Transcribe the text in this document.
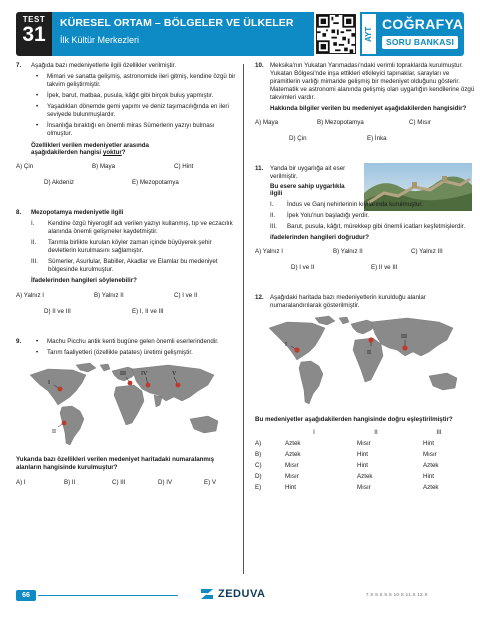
TEST
31
KÜRESEL ORTAM – BÖLGELER VE ÜLKELER
İlk Kültür Merkezleri	AYT
COĞRAFYA
SORU BANKASI
7. Aşağıda bazı medeniyetlerle ilgili özellikler verilmiştir.
• Mimari ve sanatta gelişmiş, astronomide ileri gitmiş, kendine özgü bir takvim geliştirmiştir.
• İpek, barut, matbaa, pusula, kâğıt gibi birçok buluş yapmıştır.
• Yaşadıkları dönemde gemi yapımı ve deniz taşımacılığında en ileri seviyede bulunmuşlardır.
• İnsanlığa bıraktığı en önemli miras Sümerlerin yazıyı bulması olmuştur.
Özellikleri verilen medeniyetler arasında
aşağıdakilerden hangisi yoktur?
A) Çin	B) Maya	C) Hint
D) Akdeniz	E) Mezopotamya
8. Mezopotamya medeniyetle ilgili
I. Kendine özgü hiyeroglif adı verilen yazıyı kullanmış, tıp ve eczacılık alanında önemli gelişmeler kaydetmiştir.
II. Tarımla birlikte kurulan köyler zaman içinde büyüyerek şehir devletlerin kurulmasını sağlamıştır.
III. Sümerler, Asurlular, Babiller, Akadlar ve Elamlar bu medeniyet bölgesinde kurulmuştur.
İfadelerinden hangileri söylenebilir?
A) Yalnız I	B) Yalnız II	C) I ve II
D) II ve III	E) I, II ve III
9.	• Machu Picchu antik kenti bugüne gelen önemli eserlerindendir.
• Tarım faaliyetleri (özellikle patates) üretimi gelişmiştir.
I
II
III	IV	V
Yukarıda bazı özellikleri verilen medeniyet haritadaki numaralanmış alanların hangisinde kurulmuştur?
A) I	B) II	C) III	D) IV	E) V
10. Meksika'nın Yukatan Yarımadası'ndaki verimli topraklarda kurulmuştur. Yukatan Bölgesi'nde inşa ettikleri etkileyici tapınaklar, sarayları ve piramitlerin varlığı mimaride gelişmiş bir medeniyet olduğunu gösterir. Matematik ve astronomi alanında gelişmiş olan uygarlığın kendilerine özgü takvimleri vardır.
Hakkında bilgiler verilen bu medeniyet aşağıdakilerden hangisidir?
A) Maya	B) Mezopotamya	C) Mısır
D) Çin	E) İnka
11. Yanda bir uygarlığa ait eser verilmiştir.
Bu esere sahip uygarlıkla ilgili
I. İndus ve Ganj nehirlerinin kıyılarında kurulmuştur.
II. İpek Yolu'nun başladığı yerdir.
III. Barut, pusula, kâğıt, mürekkep gibi önemli icatları keşfetmişlerdir.
ifadelerinden hangileri doğrudur?
A) Yalnız I	B) Yalnız II	C) Yalnız III
D) I ve II	E) II ve III
12. Aşağıdaki haritada bazı medeniyetlerin kurulduğu alanlar numaralandırılarak gösterilmiştir.
I
II
III
Bu medeniyetler aşağıdakilerden hangisinde doğru eşleştirilmiştir?
	I	II	III
A)	Aztek	Mısır	Hint
B)	Aztek	Hint	Mısır
C)	Mısır	Hint	Aztek
D)	Mısır	Aztek	Hint
E)	Hint	Mısır	Aztek
66	ZEDUVA	7.S 8.S 9.S 10.S 11.S 12.S
